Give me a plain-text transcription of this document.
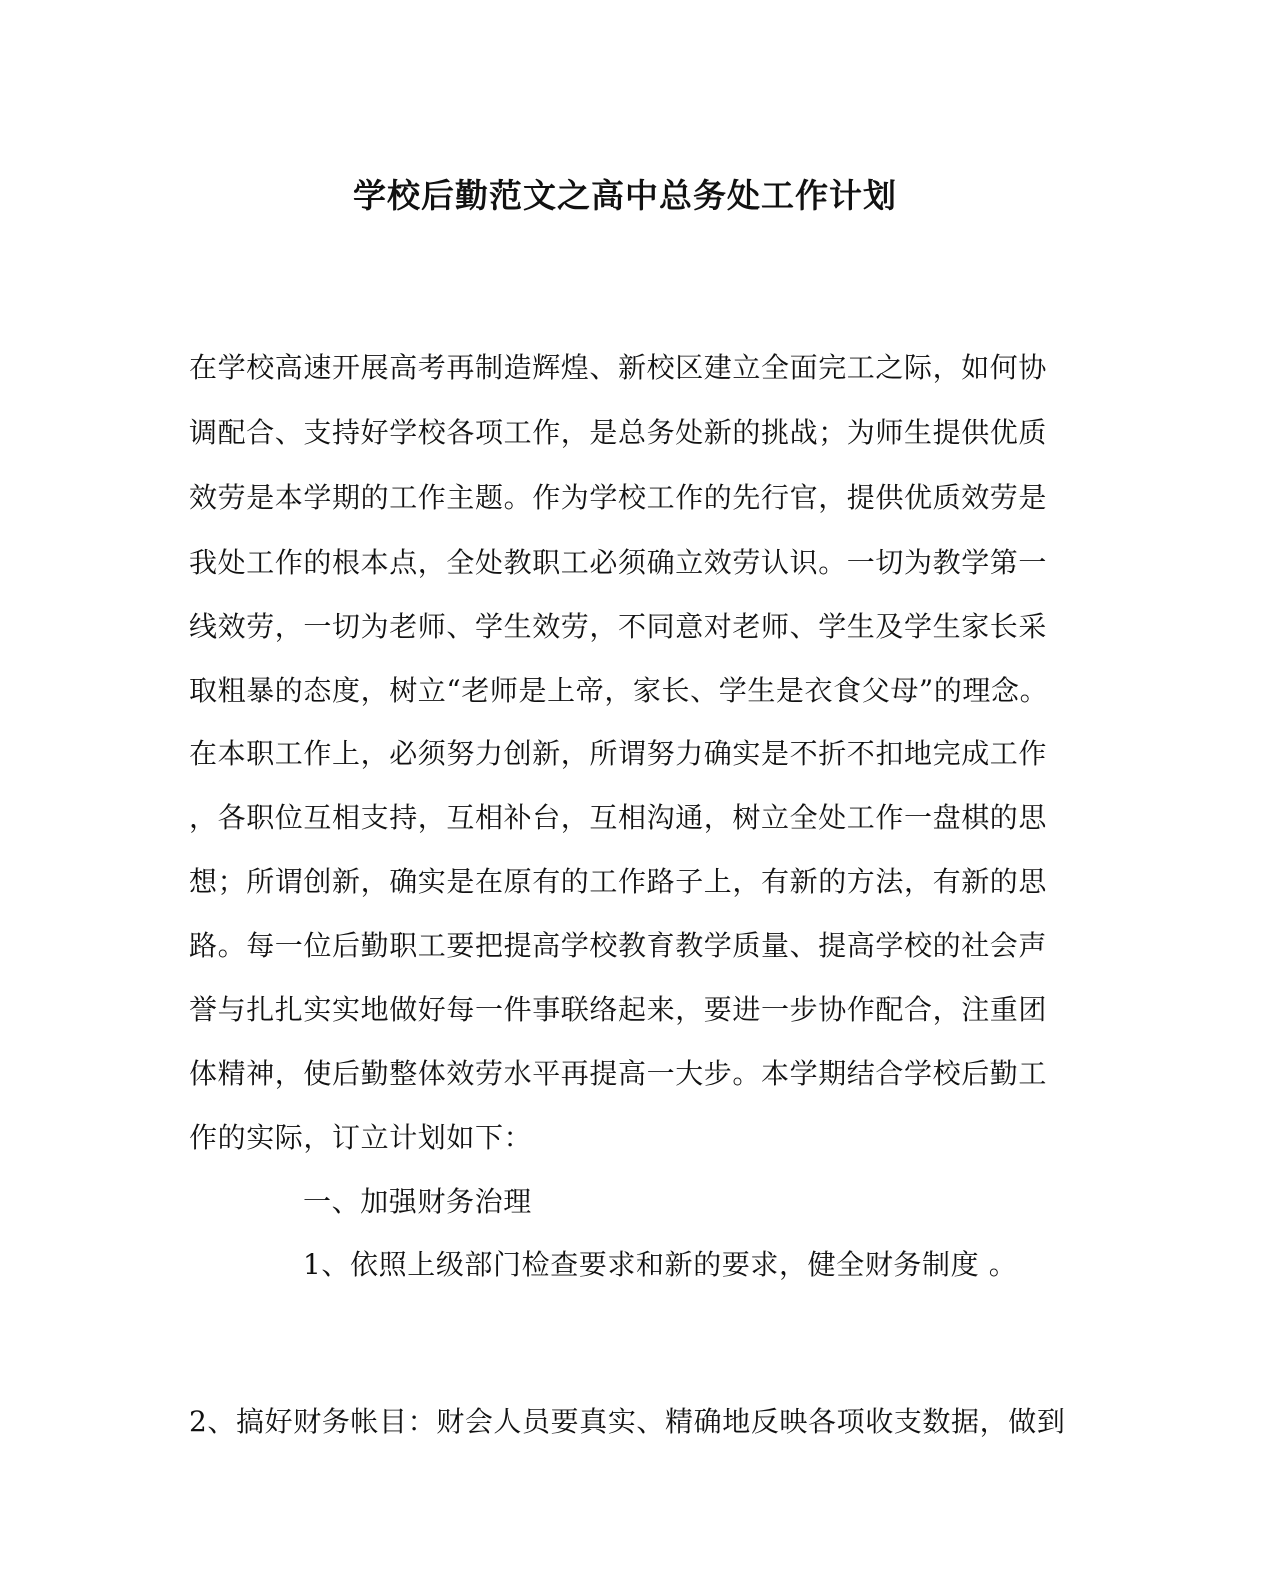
学校后勤范文之高中总务处工作计划
在学校高速开展高考再制造辉煌、新校区建立全面完工之际，如何协
调配合、支持好学校各项工作，是总务处新的挑战；为师生提供优质
效劳是本学期的工作主题。作为学校工作的先行官，提供优质效劳是
我处工作的根本点，全处教职工必须确立效劳认识。一切为教学第一
线效劳，一切为老师、学生效劳，不同意对老师、学生及学生家长采
取粗暴的态度，树立“老师是上帝，家长、学生是衣食父母”的理念。
在本职工作上，必须努力创新，所谓努力确实是不折不扣地完成工作
，各职位互相支持，互相补台，互相沟通，树立全处工作一盘棋的思
想；所谓创新，确实是在原有的工作路子上，有新的方法，有新的思
路。每一位后勤职工要把提高学校教育教学质量、提高学校的社会声
誉与扎扎实实地做好每一件事联络起来，要进一步协作配合，注重团
体精神，使后勤整体效劳水平再提高一大步。本学期结合学校后勤工
作的实际，订立计划如下：
一、加强财务治理
1、依照上级部门检查要求和新的要求，健全财务制度 。
2、搞好财务帐目：财会人员要真实、精确地反映各项收支数据，做到
